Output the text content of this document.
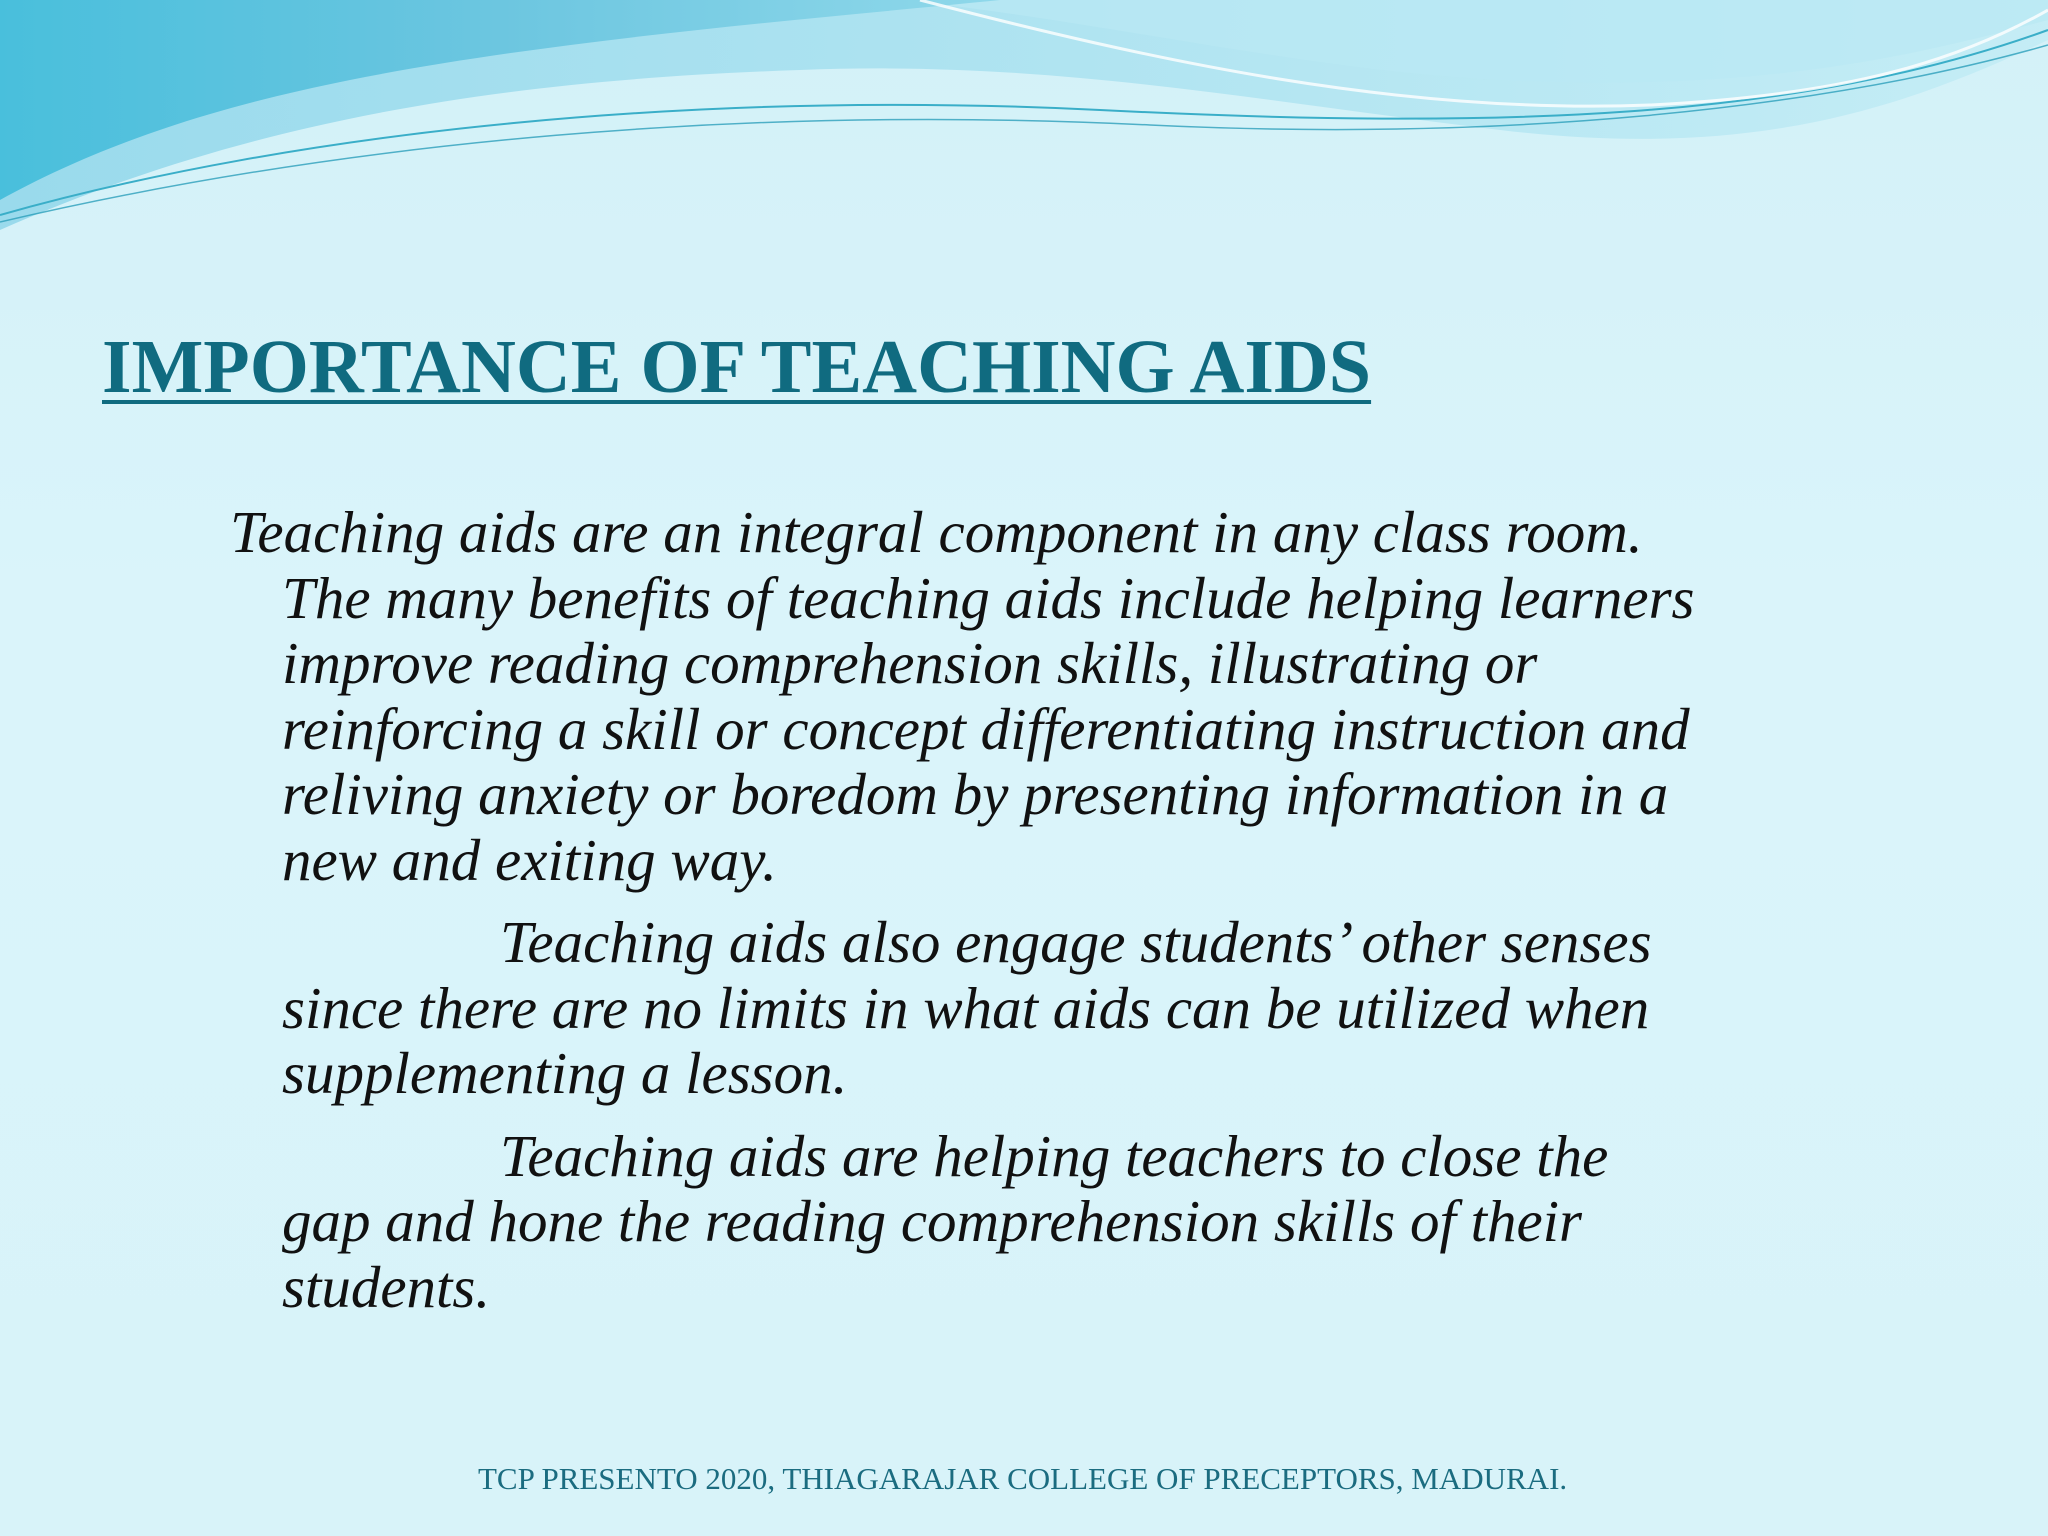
IMPORTANCE OF TEACHING AIDS

Teaching aids are an integral component in any class room. The many benefits of teaching aids include helping learners improve reading comprehension skills, illustrating or reinforcing a skill or concept differentiating instruction and reliving anxiety or boredom by presenting information in a new and exiting way.

Teaching aids also engage students’ other senses since there are no limits in what aids can be utilized when supplementing a lesson.

Teaching aids are helping teachers to close the gap and hone the reading comprehension skills of their students.

TCP PRESENTO 2020, THIAGARAJAR COLLEGE OF PRECEPTORS, MADURAI.
